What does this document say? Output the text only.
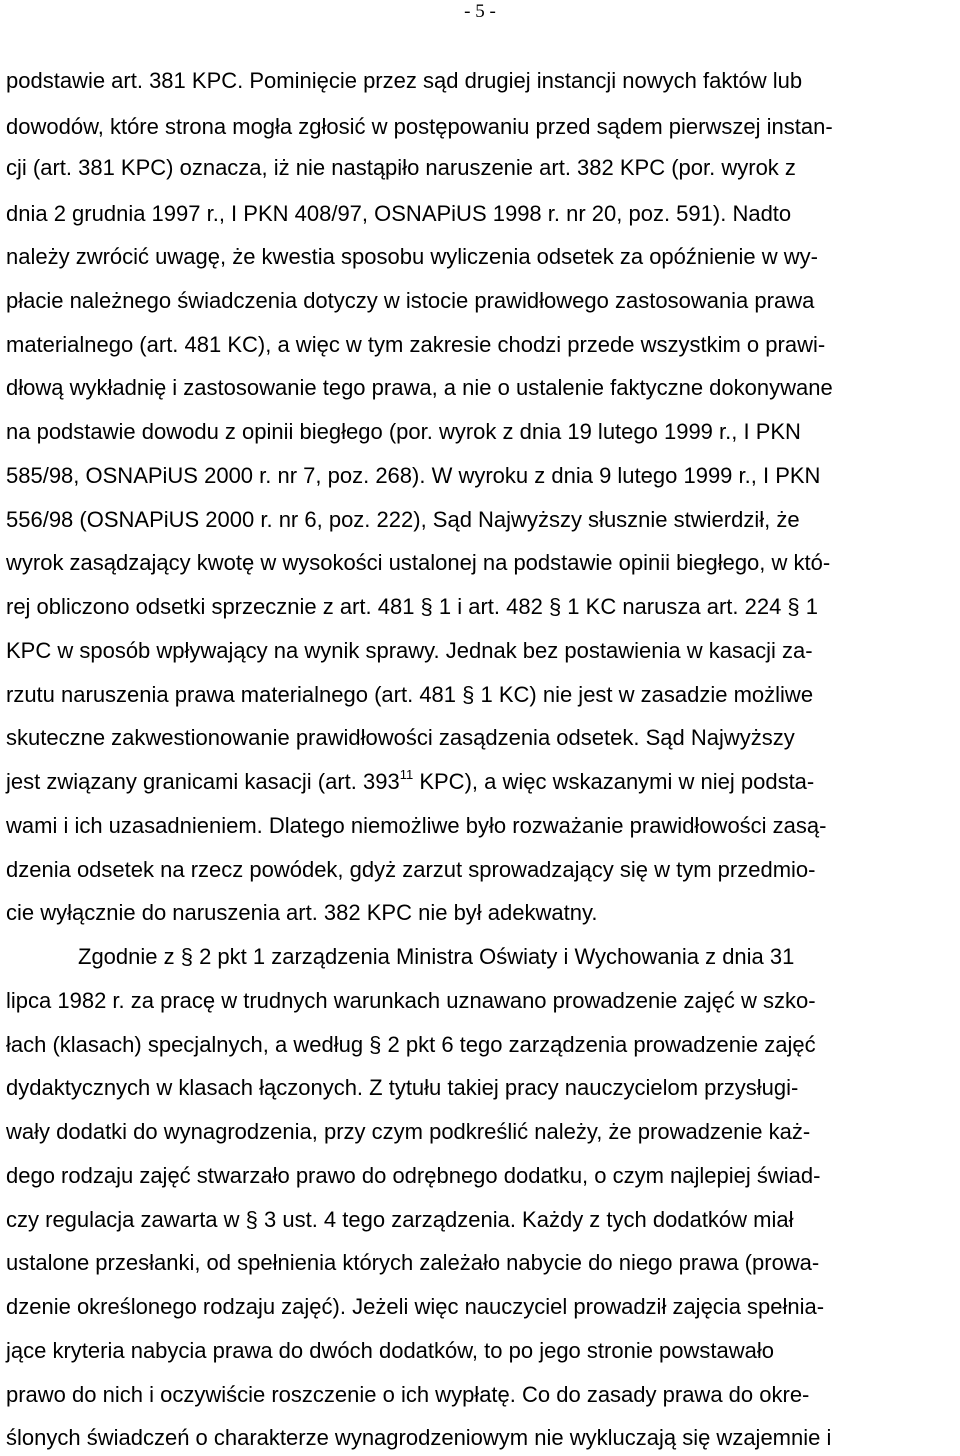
- 5 -
podstawie art. 381 KPC. Pominięcie przez sąd drugiej instancji nowych faktów lub
dowodów, które strona mogła zgłosić w postępowaniu przed sądem pierwszej instan-
cji (art. 381 KPC) oznacza, iż nie nastąpiło naruszenie art. 382 KPC (por. wyrok z
dnia 2 grudnia 1997 r., I PKN 408/97, OSNAPiUS 1998 r. nr 20, poz. 591). Nadto
należy zwrócić uwagę, że kwestia sposobu wyliczenia odsetek za opóźnienie w wy-
płacie należnego świadczenia dotyczy w istocie prawidłowego zastosowania prawa
materialnego (art. 481 KC), a więc w tym zakresie chodzi przede wszystkim o prawi-
dłową wykładnię i zastosowanie tego prawa, a nie o ustalenie faktyczne dokonywane
na podstawie dowodu z opinii biegłego (por. wyrok z dnia 19 lutego 1999 r., I PKN
585/98, OSNAPiUS 2000 r. nr 7, poz. 268). W wyroku z dnia 9 lutego 1999 r., I PKN
556/98 (OSNAPiUS 2000 r. nr 6, poz. 222), Sąd Najwyższy słusznie stwierdził, że
wyrok zasądzający kwotę w wysokości ustalonej na podstawie opinii biegłego, w któ-
rej obliczono odsetki sprzecznie z art. 481 § 1 i art. 482 § 1 KC narusza art. 224 § 1
KPC w sposób wpływający na wynik sprawy. Jednak bez postawienia w kasacji za-
rzutu naruszenia prawa materialnego (art. 481 § 1 KC) nie jest w zasadzie możliwe
skuteczne zakwestionowanie prawidłowości zasądzenia odsetek. Sąd Najwyższy
jest związany granicami kasacji (art. $393^{11}$ KPC), a więc wskazanymi w niej podsta-
wami i ich uzasadnieniem. Dlatego niemożliwe było rozważanie prawidłowości zasą-
dzenia odsetek na rzecz powódek, gdyż zarzut sprowadzający się w tym przedmio-
cie wyłącznie do naruszenia art. 382 KPC nie był adekwatny.
Zgodnie z § 2 pkt 1 zarządzenia Ministra Oświaty i Wychowania z dnia 31
lipca 1982 r. za pracę w trudnych warunkach uznawano prowadzenie zajęć w szko-
łach (klasach) specjalnych, a według § 2 pkt 6 tego zarządzenia prowadzenie zajęć
dydaktycznych w klasach łączonych. Z tytułu takiej pracy nauczycielom przysługi-
wały dodatki do wynagrodzenia, przy czym podkreślić należy, że prowadzenie każ-
dego rodzaju zajęć stwarzało prawo do odrębnego dodatku, o czym najlepiej świad-
czy regulacja zawarta w § 3 ust. 4 tego zarządzenia. Każdy z tych dodatków miał
ustalone przesłanki, od spełnienia których zależało nabycie do niego prawa (prowa-
dzenie określonego rodzaju zajęć). Jeżeli więc nauczyciel prowadził zajęcia spełnia-
jące kryteria nabycia prawa do dwóch dodatków, to po jego stronie powstawało
prawo do nich i oczywiście roszczenie o ich wypłatę. Co do zasady prawa do okre-
ślonych świadczeń o charakterze wynagrodzeniowym nie wykluczają się wzajemnie i
